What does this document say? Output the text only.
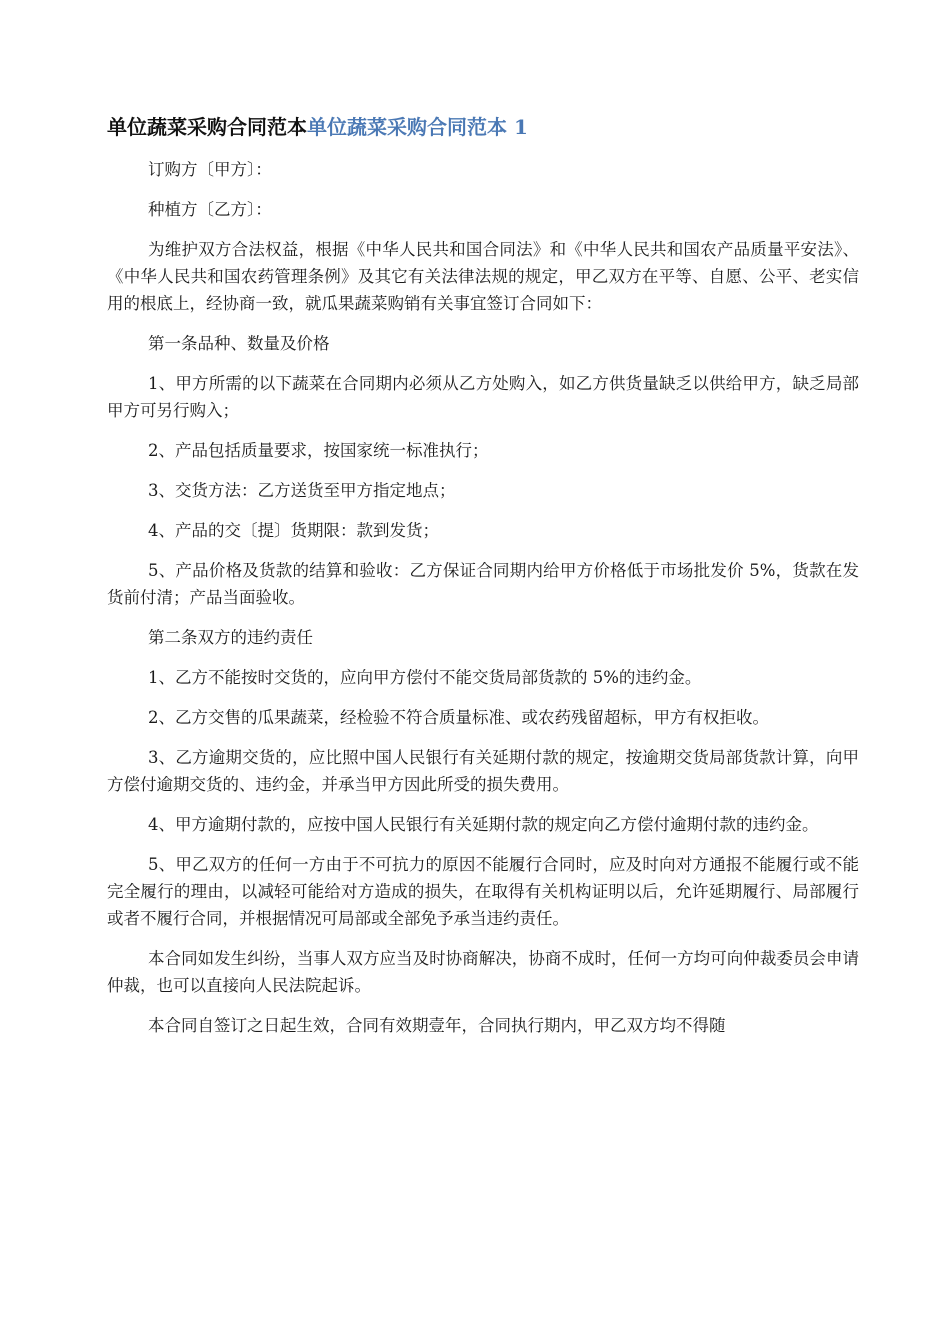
单位蔬菜采购合同范本单位蔬菜采购合同范本 1

订购方〔甲方〕：

种植方〔乙方〕：

为维护双方合法权益，根据《中华人民共和国合同法》和《中华人民共和国农产品质量平安法》、《中华人民共和国农药管理条例》及其它有关法律法规的规定，甲乙双方在平等、自愿、公平、老实信用的根底上，经协商一致，就瓜果蔬菜购销有关事宜签订合同如下：

第一条品种、数量及价格

1、甲方所需的以下蔬菜在合同期内必须从乙方处购入，如乙方供货量缺乏以供给甲方，缺乏局部甲方可另行购入；

2、产品包括质量要求，按国家统一标准执行；

3、交货方法：乙方送货至甲方指定地点；

4、产品的交〔提〕货期限：款到发货；

5、产品价格及货款的结算和验收：乙方保证合同期内给甲方价格低于市场批发价 5%，货款在发货前付清；产品当面验收。

第二条双方的违约责任

1、乙方不能按时交货的，应向甲方偿付不能交货局部货款的 5%的违约金。

2、乙方交售的瓜果蔬菜，经检验不符合质量标准、或农药残留超标，甲方有权拒收。

3、乙方逾期交货的，应比照中国人民银行有关延期付款的规定，按逾期交货局部货款计算，向甲方偿付逾期交货的、违约金，并承当甲方因此所受的损失费用。

4、甲方逾期付款的，应按中国人民银行有关延期付款的规定向乙方偿付逾期付款的违约金。

5、甲乙双方的任何一方由于不可抗力的原因不能履行合同时，应及时向对方通报不能履行或不能完全履行的理由，以减轻可能给对方造成的损失，在取得有关机构证明以后，允许延期履行、局部履行或者不履行合同，并根据情况可局部或全部免予承当违约责任。

本合同如发生纠纷，当事人双方应当及时协商解决，协商不成时，任何一方均可向仲裁委员会申请仲裁，也可以直接向人民法院起诉。

本合同自签订之日起生效，合同有效期壹年，合同执行期内，甲乙双方均不得随
